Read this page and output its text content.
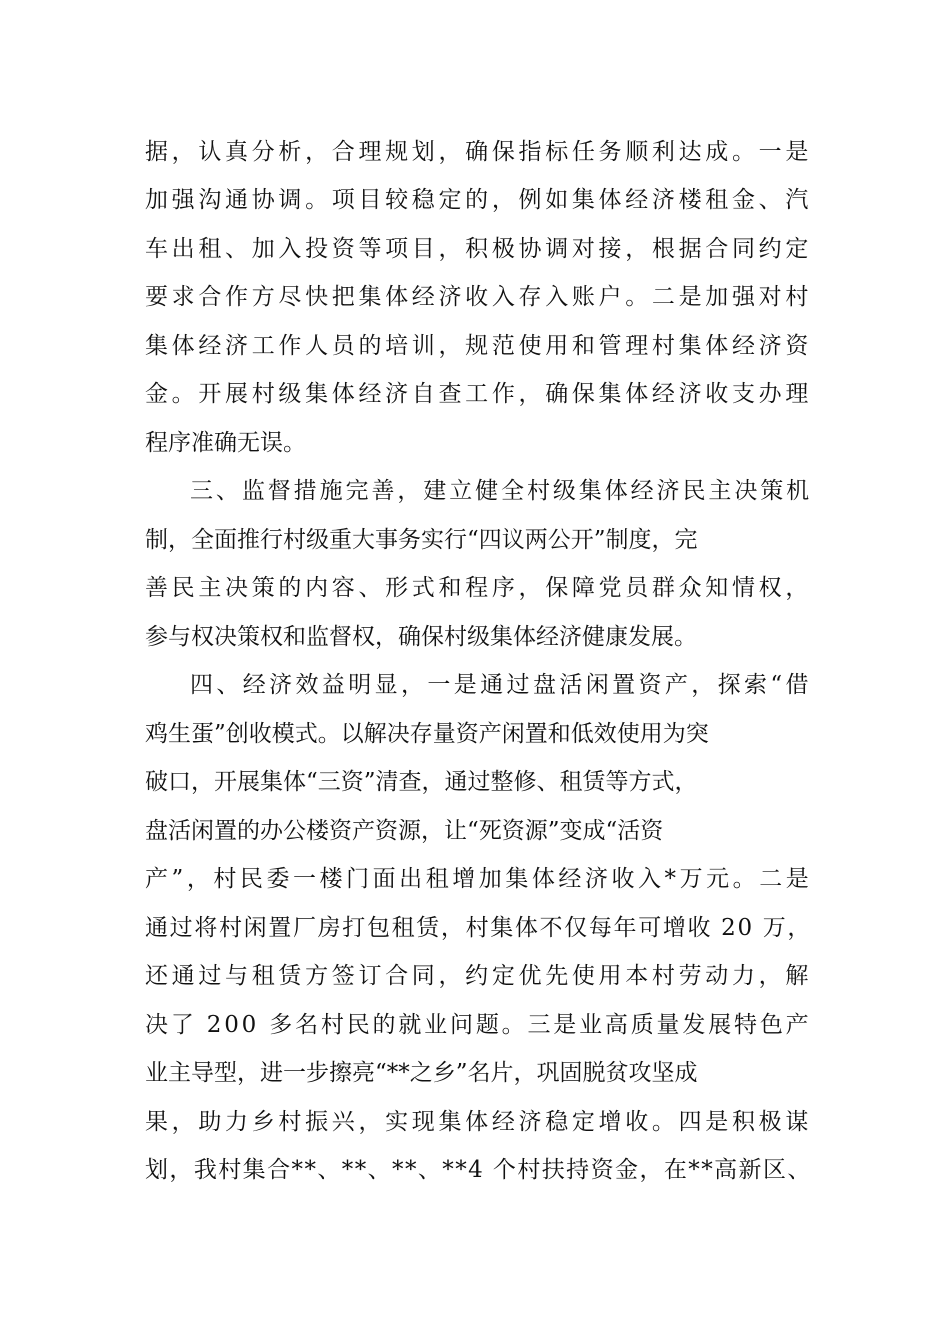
据，认真分析，合理规划，确保指标任务顺利达成。一是

加强沟通协调。项目较稳定的，例如集体经济楼租金、汽

车出租、加入投资等项目，积极协调对接，根据合同约定

要求合作方尽快把集体经济收入存入账户。二是加强对村

集体经济工作人员的培训，规范使用和管理村集体经济资

金。开展村级集体经济自查工作，确保集体经济收支办理

程序准确无误。

三、监督措施完善，建立健全村级集体经济民主决策机

制，全面推行村级重大事务实行“四议两公开”制度，完

善民主决策的内容、形式和程序，保障党员群众知情权，

参与权决策权和监督权，确保村级集体经济健康发展。

四、经济效益明显，一是通过盘活闲置资产，探索“借

鸡生蛋”创收模式。以解决存量资产闲置和低效使用为突

破口，开展集体“三资”清查，通过整修、租赁等方式，

盘活闲置的办公楼资产资源，让“死资源”变成“活资

产”，村民委一楼门面出租增加集体经济收入*万元。二是

通过将村闲置厂房打包租赁，村集体不仅每年可增收 20 万，

还通过与租赁方签订合同，约定优先使用本村劳动力，解

决了 200 多名村民的就业问题。三是业高质量发展特色产

业主导型，进一步擦亮“**之乡”名片，巩固脱贫攻坚成

果，助力乡村振兴，实现集体经济稳定增收。四是积极谋

划，我村集合**、**、**、**4 个村扶持资金，在**高新区、
